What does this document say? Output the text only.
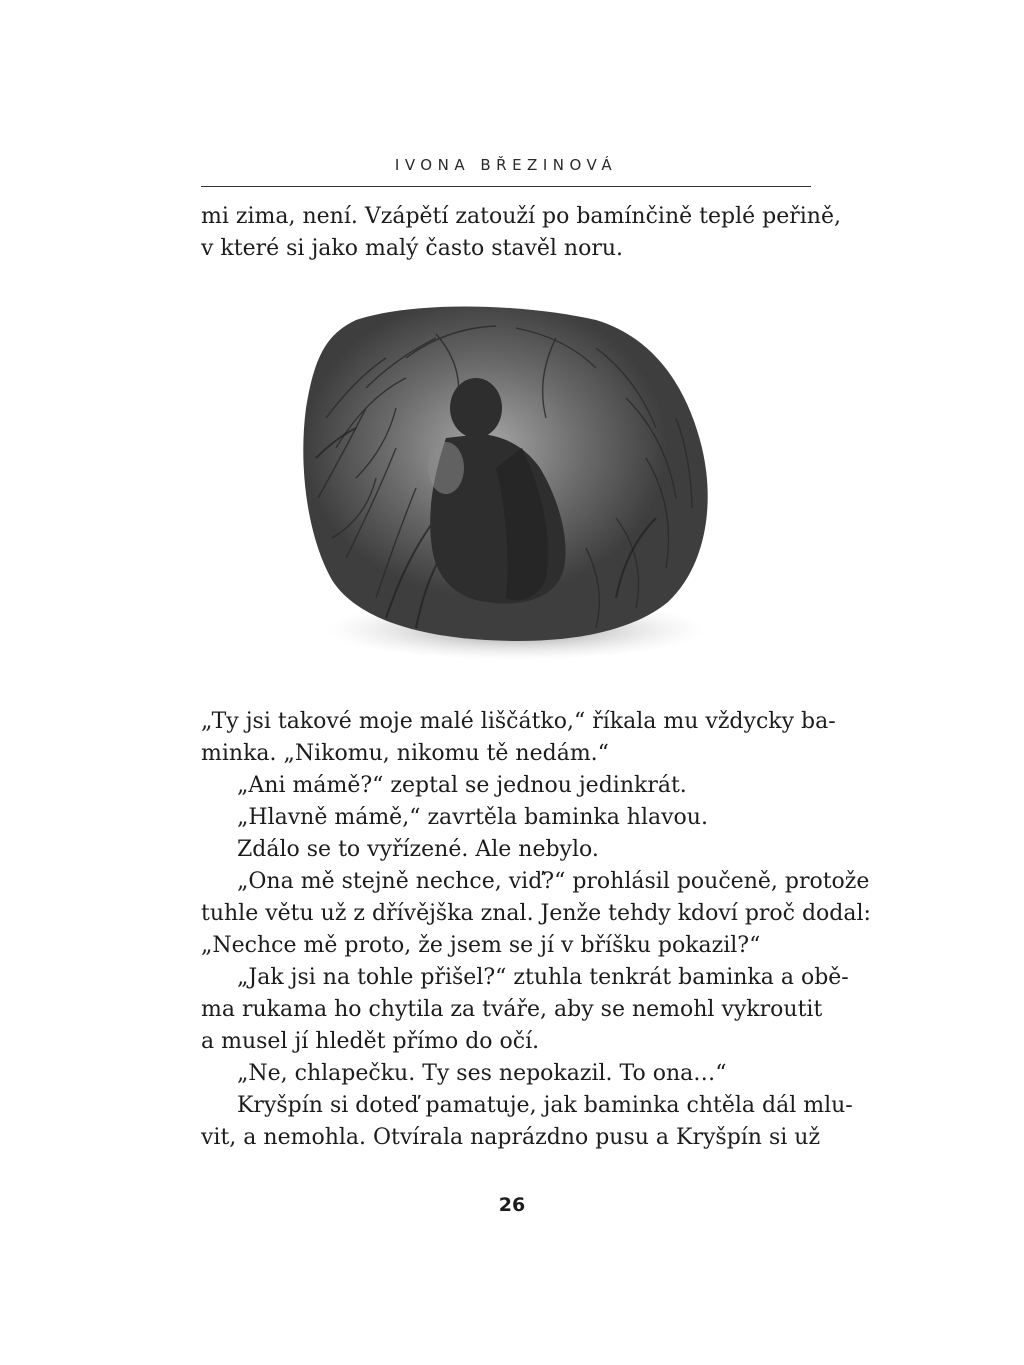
IVONA BŘEZINOVÁ
mi zima, není. Vzápětí zatouží po bamínčině teplé peřině,
v které si jako malý často stavěl noru.
„Ty jsi takové moje malé liščátko,“ říkala mu vždycky ba-
minka. „Nikomu, nikomu tě nedám.“
„Ani mámě?“ zeptal se jednou jedinkrát.
„Hlavně mámě,“ zavrtěla baminka hlavou.
Zdálo se to vyřízené. Ale nebylo.
„Ona mě stejně nechce, viď?“ prohlásil poučeně, protože
tuhle větu už z dřívějška znal. Jenže tehdy kdoví proč dodal:
„Nechce mě proto, že jsem se jí v bříšku pokazil?“
„Jak jsi na tohle přišel?“ ztuhla tenkrát baminka a obě-
ma rukama ho chytila za tváře, aby se nemohl vykroutit
a musel jí hledět přímo do očí.
„Ne, chlapečku. Ty ses nepokazil. To ona…“
Kryšpín si doteď pamatuje, jak baminka chtěla dál mlu-
vit, a nemohla. Otvírala naprázdno pusu a Kryšpín si už
26
